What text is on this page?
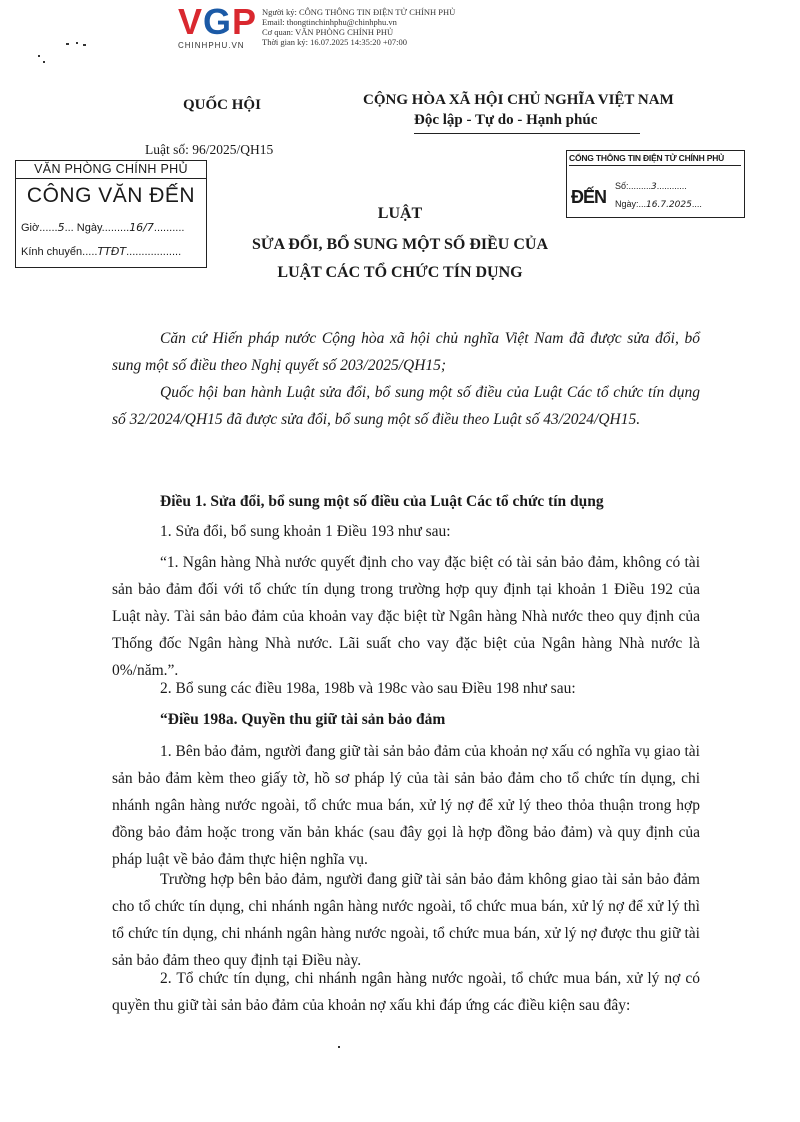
VGP
CHINHPHU.VN
Người ký: CÔNG THÔNG TIN ĐIỆN TỬ CHÍNH PHỦ
Email: thongtinchinhphu@chinhphu.vn
Cơ quan: VĂN PHÒNG CHÍNH PHỦ
Thời gian ký: 16.07.2025 14:35:20 +07:00
QUỐC HỘI	CỘNG HÒA XÃ HỘI CHỦ NGHĨA VIỆT NAM
Độc lập - Tự do - Hạnh phúc
Luật số: 96/2025/QH15
VĂN PHÒNG CHÍNH PHỦ
CÔNG VĂN ĐẾN
Giờ......5... Ngày.........16/7..........
Kính chuyển.....TTĐT..................
CỔNG THÔNG TIN ĐIỆN TỬ CHÍNH PHỦ
ĐẾN
Số:.........3............
Ngày:...16.7.2025....
LUẬT
SỬA ĐỔI, BỔ SUNG MỘT SỐ ĐIỀU CỦA
LUẬT CÁC TỔ CHỨC TÍN DỤNG
Căn cứ Hiến pháp nước Cộng hòa xã hội chủ nghĩa Việt Nam đã được sửa đổi, bổ sung một số điều theo Nghị quyết số 203/2025/QH15;
Quốc hội ban hành Luật sửa đổi, bổ sung một số điều của Luật Các tổ chức tín dụng số 32/2024/QH15 đã được sửa đổi, bổ sung một số điều theo Luật số 43/2024/QH15.
Điều 1. Sửa đổi, bổ sung một số điều của Luật Các tổ chức tín dụng
1. Sửa đổi, bổ sung khoản 1 Điều 193 như sau:
“1. Ngân hàng Nhà nước quyết định cho vay đặc biệt có tài sản bảo đảm, không có tài sản bảo đảm đối với tổ chức tín dụng trong trường hợp quy định tại khoản 1 Điều 192 của Luật này. Tài sản bảo đảm của khoản vay đặc biệt từ Ngân hàng Nhà nước theo quy định của Thống đốc Ngân hàng Nhà nước. Lãi suất cho vay đặc biệt của Ngân hàng Nhà nước là 0%/năm.”.
2. Bổ sung các điều 198a, 198b và 198c vào sau Điều 198 như sau:
“Điều 198a. Quyền thu giữ tài sản bảo đảm
1. Bên bảo đảm, người đang giữ tài sản bảo đảm của khoản nợ xấu có nghĩa vụ giao tài sản bảo đảm kèm theo giấy tờ, hồ sơ pháp lý của tài sản bảo đảm cho tổ chức tín dụng, chi nhánh ngân hàng nước ngoài, tổ chức mua bán, xử lý nợ để xử lý theo thỏa thuận trong hợp đồng bảo đảm hoặc trong văn bản khác (sau đây gọi là hợp đồng bảo đảm) và quy định của pháp luật về bảo đảm thực hiện nghĩa vụ.
Trường hợp bên bảo đảm, người đang giữ tài sản bảo đảm không giao tài sản bảo đảm cho tổ chức tín dụng, chi nhánh ngân hàng nước ngoài, tổ chức mua bán, xử lý nợ để xử lý thì tổ chức tín dụng, chi nhánh ngân hàng nước ngoài, tổ chức mua bán, xử lý nợ được thu giữ tài sản bảo đảm theo quy định tại Điều này.
2. Tổ chức tín dụng, chi nhánh ngân hàng nước ngoài, tổ chức mua bán, xử lý nợ có quyền thu giữ tài sản bảo đảm của khoản nợ xấu khi đáp ứng các điều kiện sau đây:
